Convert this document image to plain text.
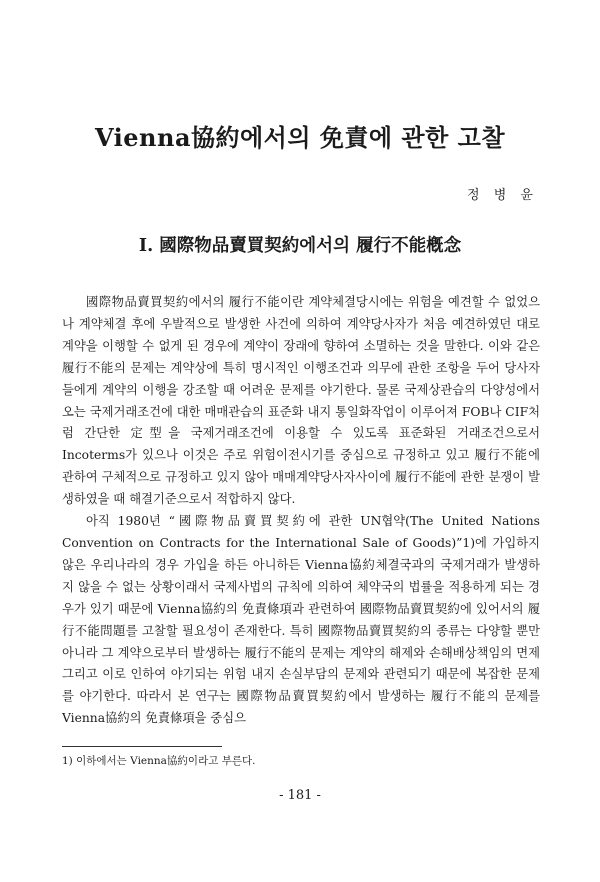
Vienna協約에서의 免責에 관한 고찰
정 병 윤
Ⅰ. 國際物品賣買契約에서의 履行不能槪念

國際物品賣買契約에서의 履行不能이란 계약체결당시에는 위험을 예견할 수 없었으나 계약체결 후에 우발적으로 발생한 사건에 의하여 계약당사자가 처음 예견하였던 대로 계약을 이행할 수 없게 된 경우에 계약이 장래에 향하여 소멸하는 것을 말한다. 이와 같은 履行不能의 문제는 계약상에 특히 명시적인 이행조건과 의무에 관한 조항을 두어 당사자들에게 계약의 이행을 강조할 때 어려운 문제를 야기한다. 물론 국제상관습의 다양성에서 오는 국제거래조건에 대한 매매관습의 표준화 내지 통일화작업이 이루어져 FOB나 CIF처럼 간단한 定型을 국제거래조건에 이용할 수 있도록 표준화된 거래조건으로서 Incoterms가 있으나 이것은 주로 위험이전시기를 중심으로 규정하고 있고 履行不能에 관하여 구체적으로 규정하고 있지 않아 매매계약당사자사이에 履行不能에 관한 분쟁이 발생하였을 때 해결기준으로서 적합하지 않다.

아직 1980년 “國際物品賣買契約에 관한 UN협약(The United Nations Convention on Contracts for the International Sale of Goods)”1)에 가입하지 않은 우리나라의 경우 가입을 하든 아니하든 Vienna協約체결국과의 국제거래가 발생하지 않을 수 없는 상황이래서 국제사법의 규칙에 의하여 체약국의 법률을 적용하게 되는 경우가 있기 때문에 Vienna協約의 免責條項과 관련하여 國際物品賣買契約에 있어서의 履行不能問題를 고찰할 필요성이 존재한다. 특히 國際物品賣買契約의 종류는 다양할 뿐만 아니라 그 계약으로부터 발생하는 履行不能의 문제는 계약의 해제와 손해배상책임의 면제 그리고 이로 인하여 야기되는 위험 내지 손실부담의 문제와 관련되기 때문에 복잡한 문제를 야기한다. 따라서 본 연구는 國際物品賣買契約에서 발생하는 履行不能의 문제를 Vienna協約의 免責條項을 중심으

1) 이하에서는 Vienna協約이라고 부른다.
- 181 -
